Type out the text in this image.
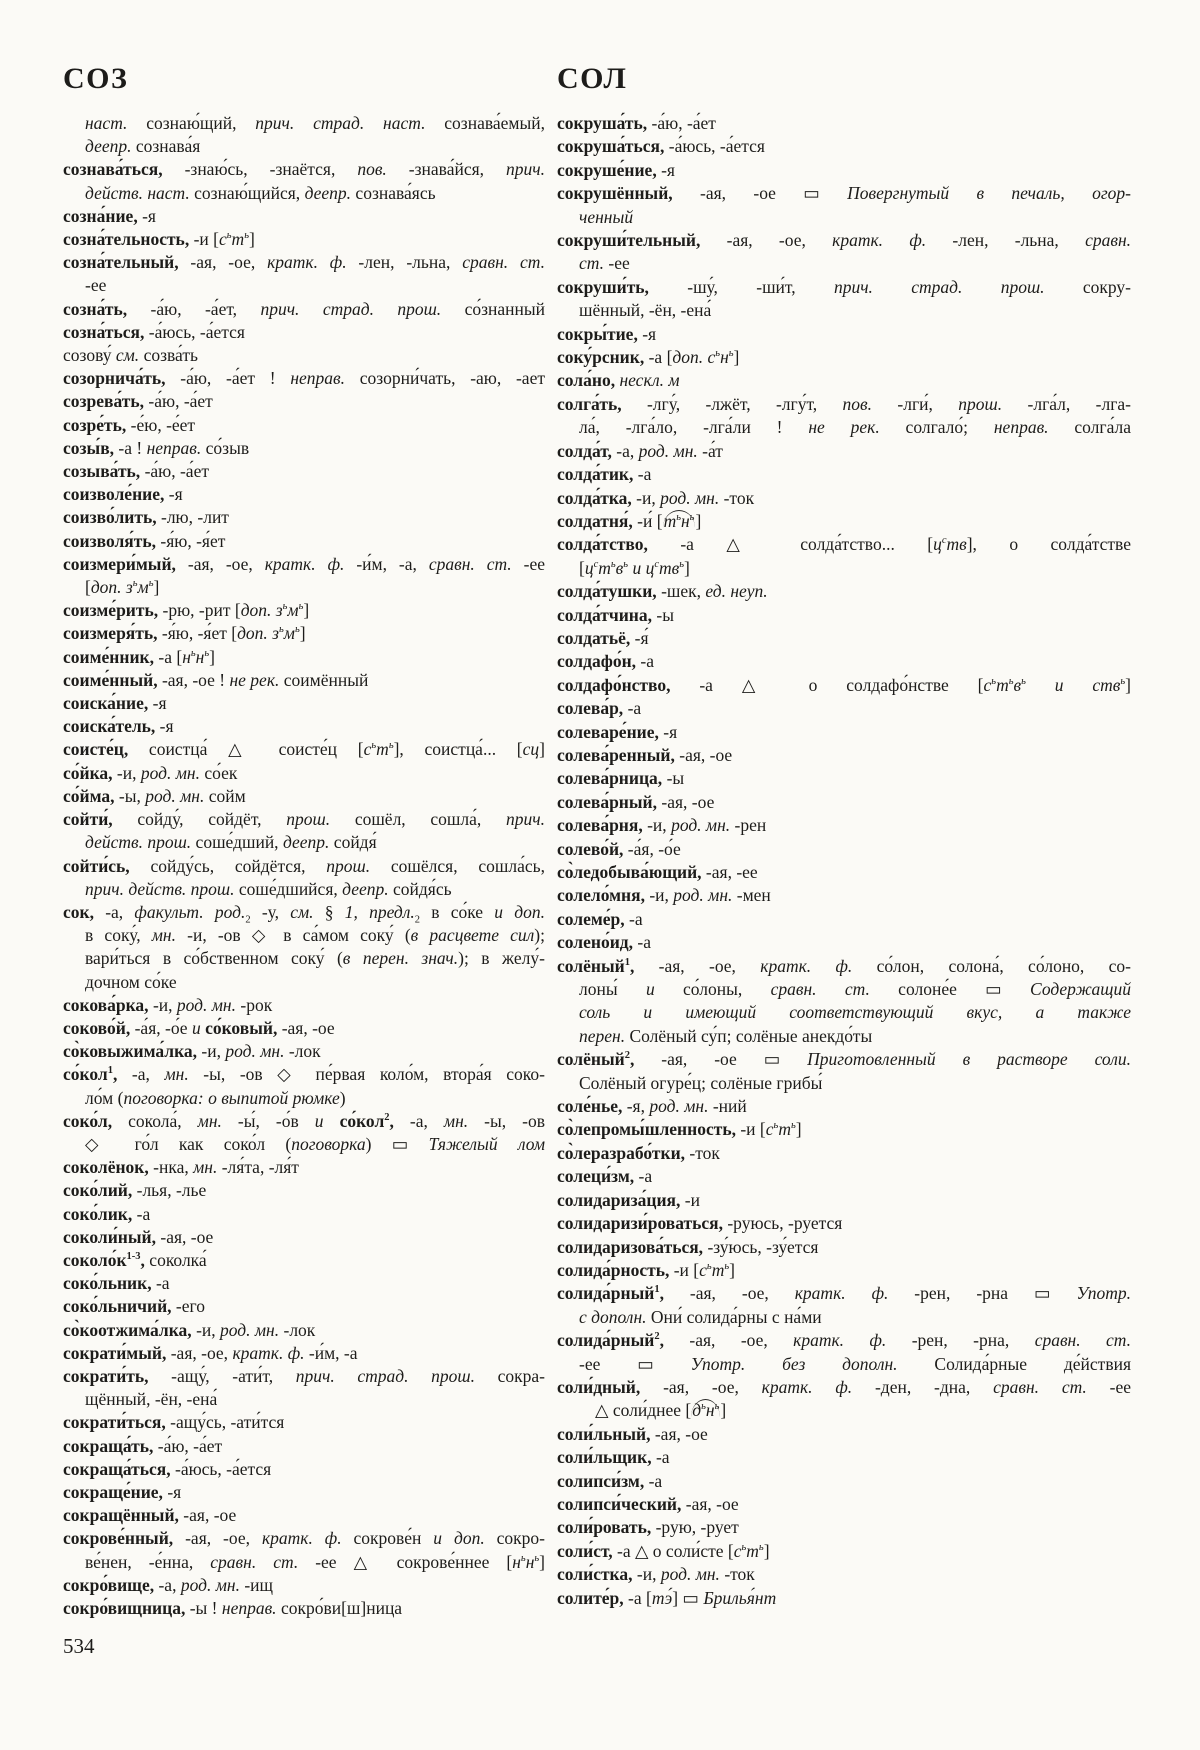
СОЗ	СОЛ
наст. сознаю́щий, прич. страд. наст. сознава́емый,
деепр. сознава́я
сознава́ться, -знаю́сь, -знаётся, пов. -знава́йся, прич.
действ. наст. сознаю́щийся, деепр. сознава́ясь
созна́ние, -я
созна́тельность, -и $[с^ьт^ь]$
созна́тельный, -ая, -ое, кратк. ф. -лен, -льна, сравн. ст.
-ее
созна́ть, -а́ю, -а́ет, прич. страд. прош. со́знанный
созна́ться, -а́юсь, -а́ется
созову́ см. созва́ть
созорнича́ть, -а́ю, -а́ет ! неправ. созорни́чать, -аю, -ает
созрева́ть, -а́ю, -а́ет
созре́ть, -е́ю, -е́ет
созы́в, -а ! неправ. со́зыв
созыва́ть, -а́ю, -а́ет
соизволе́ние, -я
соизво́лить, -лю, -лит
соизволя́ть, -я́ю, -я́ет
соизмери́мый, -ая, -ое, кратк. ф. -и́м, -а, сравн. ст. -ее
[доп. $з^ьм^ь$]
соизме́рить, -рю, -рит [доп. $з^ьм^ь$]
соизмеря́ть, -я́ю, -я́ет [доп. $з^ьм^ь$]
соиме́нник, -а $[н^ьн^ь]$
соиме́нный, -ая, -ое ! не рек. соимённый
соиска́ние, -я
соиска́тель, -я
соисте́ц, соистца́ △ соисте́ц $[с^ьт^ь]$, соистца́... [сц]
со́йка, -и, род. мн. со́ек
со́йма, -ы, род. мн. сойм
сойти́, сойду́, сойдёт, прош. сошёл, сошла́, прич.
действ. прош. соше́дший, деепр. сойдя́
сойти́сь, сойду́сь, сойдётся, прош. сошёлся, сошла́сь,
прич. действ. прош. соше́дшийся, деепр. сойдя́сь
сок, -а, факульт. $род._2$ -у, см. § 1, $предл._2$ в со́ке и доп.
в соку́, мн. -и, -ов ◇ в са́мом соку́ (в расцвете сил);
вари́ться в со́бственном соку́ (в перен. знач.); в желу́-
дочном со́ке
сокова́рка, -и, род. мн. -рок
соково́й, -а́я, -о́е и со́ковый, -ая, -ое
со̀ковыжима́лка, -и, род. мн. -лок
со́кол$^1$, -а, мн. -ы, -ов ◇ пе́рвая коло́м, втора́я соко-
ло́м (поговорка: о выпитой рюмке)
соко́л, сокола́, мн. -ы́, -о́в и со́кол$^2$, -а, мн. -ы, -ов
◇ го́л как соко́л (поговорка) ▭ Тяжелый лом
соколёнок, -нка, мн. -ля́та, -ля́т
соко́лий, -лья, -лье
соко́лик, -а
соколи́ный, -ая, -ое
$соколо́к^{1-3}$, соколка́
соко́льник, -а
соко́льничий, -его
со̀коотжима́лка, -и, род. мн. -лок
сократи́мый, -ая, -ое, кратк. ф. -и́м, -а
сократи́ть, -ащу́, -ати́т, прич. страд. прош. сокра-
щённый, -ён, -ена́
сократи́ться, -ащу́сь, -ати́тся
сокраща́ть, -а́ю, -а́ет
сокраща́ться, -а́юсь, -а́ется
сокраще́ние, -я
сокращённый, -ая, -ое
сокрове́нный, -ая, -ое, кратк. ф. сокрове́н и доп. сокро-
ве́нен, -е́нна, сравн. ст. -ее △ сокрове́ннее $[н^ьн^ь]$
сокро́вище, -а, род. мн. -ищ
сокро́вищница, -ы ! неправ. сокро́ви[ш]ница
сокруша́ть, -а́ю, -а́ет
сокруша́ться, -а́юсь, -а́ется
сокруше́ние, -я
сокрушённый, -ая, -ое ▭ Повергнутый в печаль, огор-
ченный
сокруши́тельный, -ая, -ое, кратк. ф. -лен, -льна, сравн.
ст. -ее
сокруши́ть, -шу́, -ши́т, прич. страд. прош. сокру-
шённый, -ён, -ена́
сокры́тие, -я
соку́рсник, -а [доп. $с^ьн^ь$]
сола́но, нескл. м
солга́ть, -лгу́, -лжёт, -лгу́т, пов. -лги́, прош. -лга́л, -лга-
ла́, -лга́ло, -лга́ли ! не рек. солгало́; неправ. солга́ла
солда́т, -а, род. мн. -а́т
солда́тик, -а
солда́тка, -и, род. мн. -ток
солдатня́, -и́ $[т^ьн^ь]$
солда́тство, -а △ солда́тство... $[ц^ств]$, о солда́тстве
[$ц^ст^ьв^ь$ и $ц^ств^ь$]
солда́тушки, -шек, ед. неуп.
солда́тчина, -ы
солдатьё, -я́
солдафо́н, -а
солдафо́нство, -а △ о солдафо́нстве [$с^ьт^ьв^ь$ и ств$^ь$]
солева́р, -а
солеваре́ние, -я
солева́ренный, -ая, -ое
солева́рница, -ы
солева́рный, -ая, -ое
солева́рня, -и, род. мн. -рен
солево́й, -а́я, -о́е
со̀ледобыва́ющий, -ая, -ее
солело́мня, -и, род. мн. -мен
солеме́р, -а
солено́ид, -а
солёный$^1$, -ая, -ое, кратк. ф. со́лон, солона́, со́лоно, со-
лоны́ и со́лоны, сравн. ст. солоне́е ▭ Содержащий
соль и имеющий соответствующий вкус, а также
перен. Солёный су́п; солёные анекдо́ты
солёный$^2$, -ая, -ое ▭ Приготовленный в растворе соли.
Солёный огуре́ц; солёные грибы́
соле́нье, -я, род. мн. -ний
со̀лепромы́шленность, -и $[с^ьт^ь]$
со̀леразрабо́тки, -ток
солеци́зм, -а
солидариза́ция, -и
солидаризи́роваться, -руюсь, -руется
солидаризова́ться, -зу́юсь, -зу́ется
солида́рность, -и $[с^ьт^ь]$
солида́рный$^1$, -ая, -ое, кратк. ф. -рен, -рна ▭ Употр.
с дополн. Они́ солида́рны с на́ми
солида́рный$^2$, -ая, -ое, кратк. ф. -рен, -рна, сравн. ст.
-ее ▭ Употр. без дополн. Солида́рные де́йствия
соли́дный, -ая, -ое, кратк. ф. -ден, -дна, сравн. ст. -ее
△ соли́днее $[д^ьн^ь]$
соли́льный, -ая, -ое
соли́льщик, -а
солипси́зм, -а
солипси́ческий, -ая, -ое
соли́ровать, -рую, -рует
соли́ст, -а △ о соли́сте $[с^ьт^ь]$
соли́стка, -и, род. мн. -ток
солите́р, -а [тэ́] ▭ Брилья́нт
534
